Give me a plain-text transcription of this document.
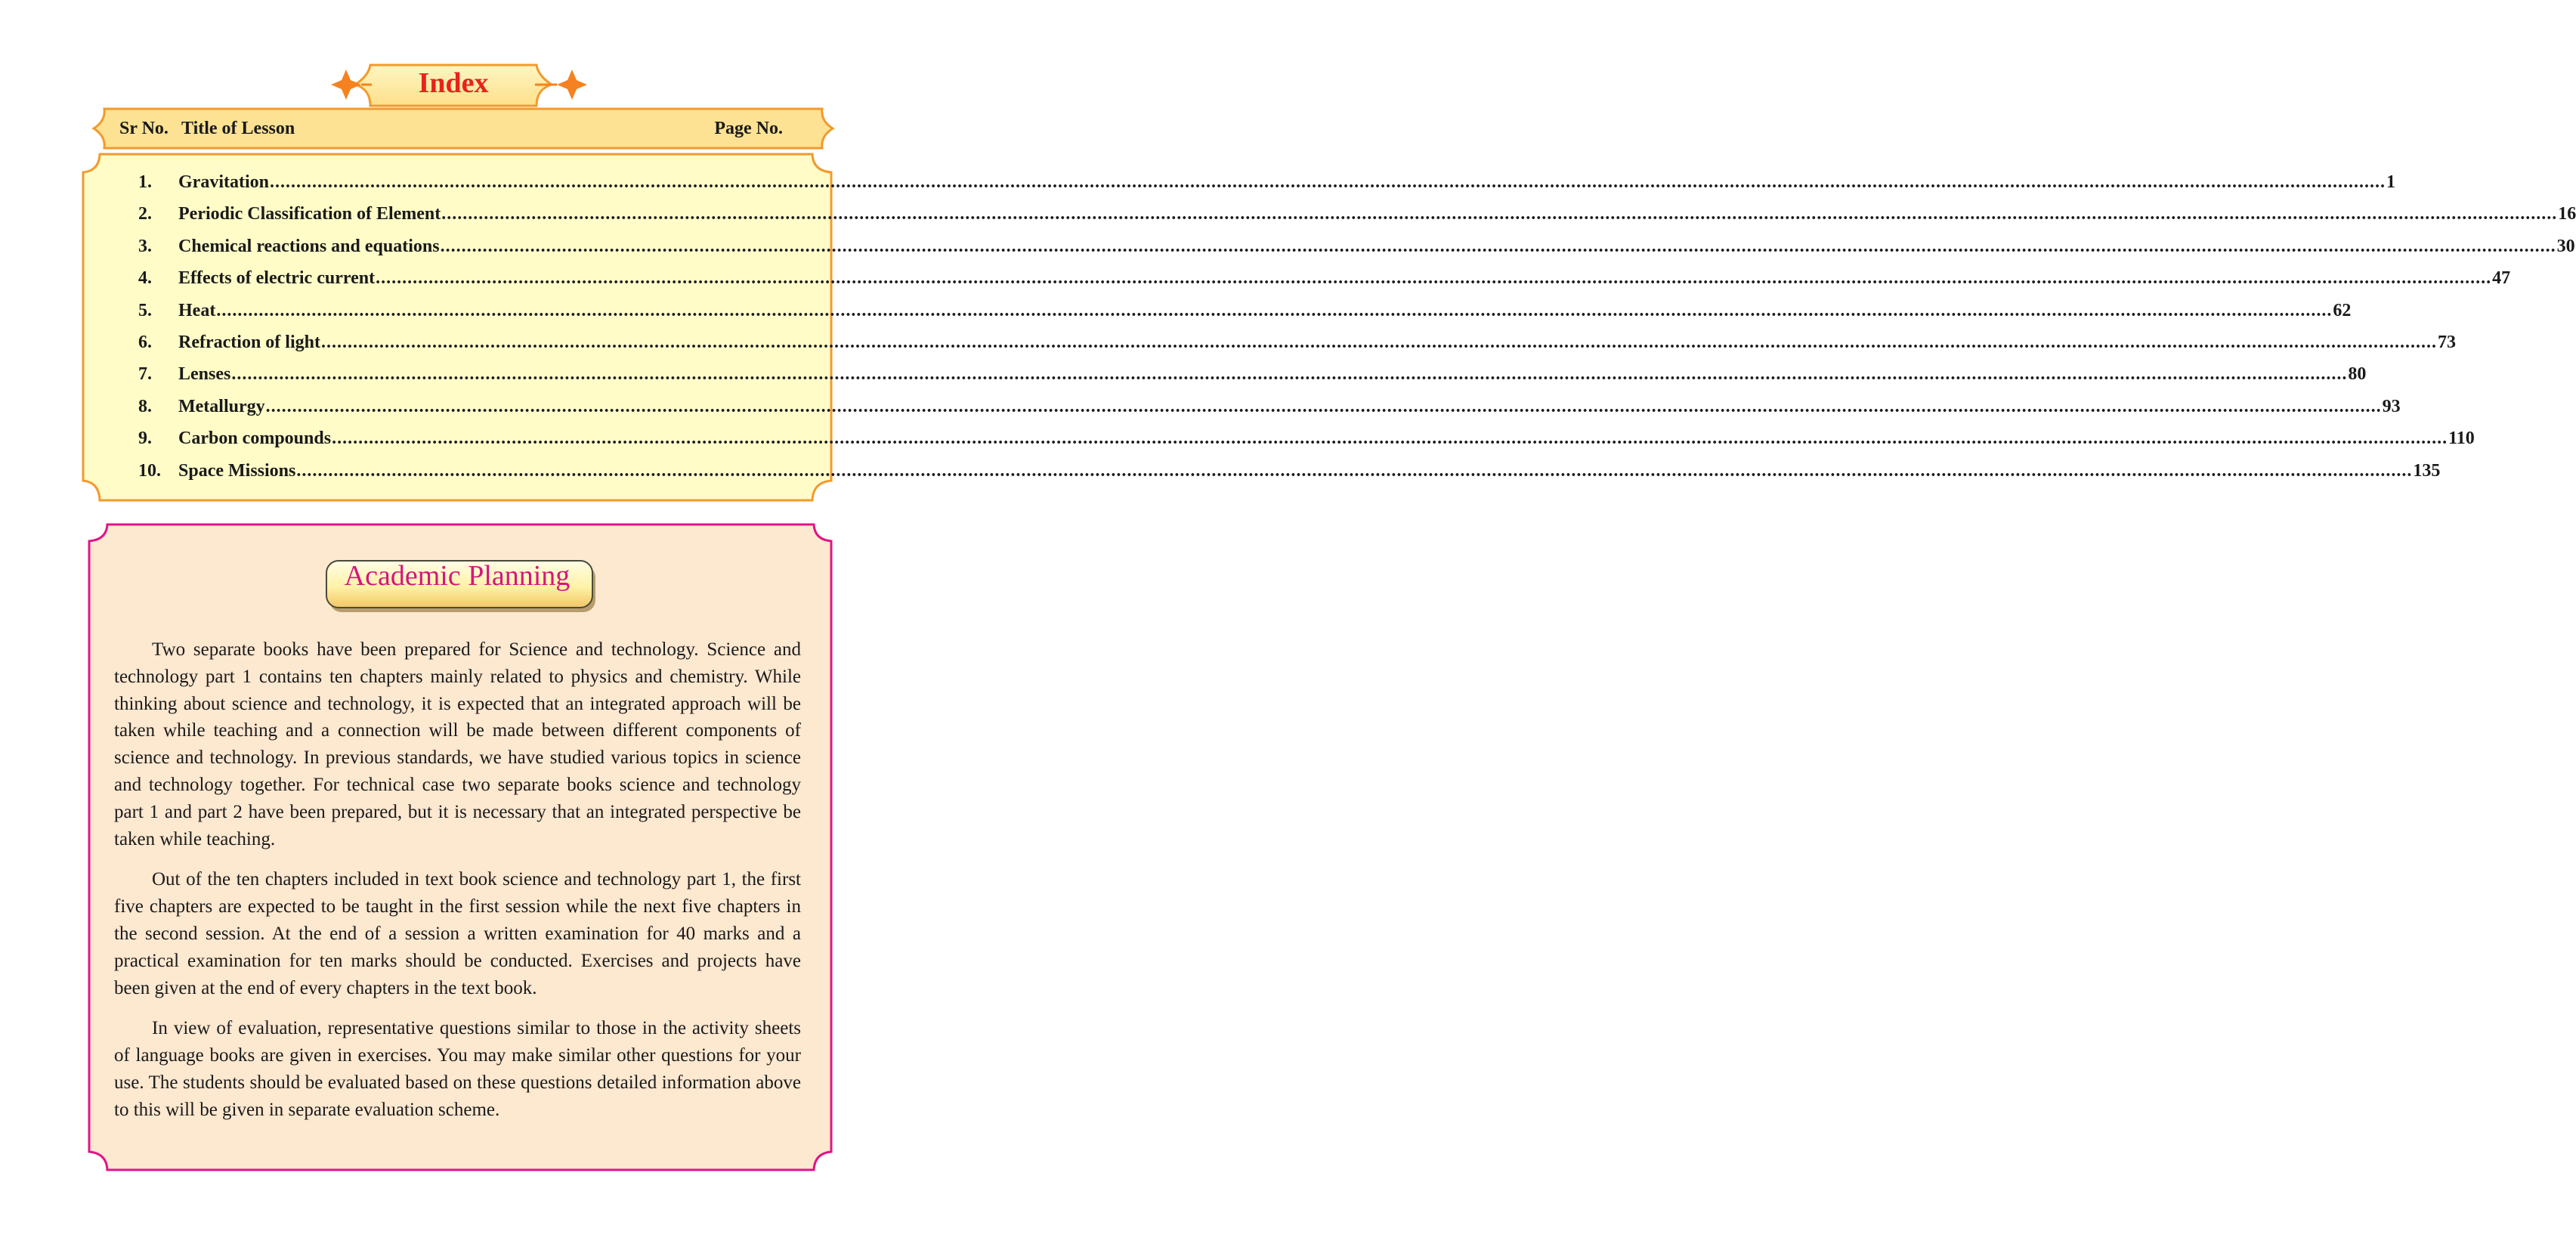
Index
Sr No. Title of Lesson	Page No.
1.	Gravitation ................................................................................................................................................................................................................................................................................................................................................................................................................ 1
2.	Periodic Classification of Element ................................................................................................................................................................................................................................................................................................................................................................................................................ 16
3.	Chemical reactions and equations ................................................................................................................................................................................................................................................................................................................................................................................................................ 30
4.	Effects of electric current ................................................................................................................................................................................................................................................................................................................................................................................................................ 47
5.	Heat ................................................................................................................................................................................................................................................................................................................................................................................................................ 62
6.	Refraction of light ................................................................................................................................................................................................................................................................................................................................................................................................................ 73
7.	Lenses ................................................................................................................................................................................................................................................................................................................................................................................................................ 80
8.	Metallurgy ................................................................................................................................................................................................................................................................................................................................................................................................................ 93
9.	Carbon compounds ................................................................................................................................................................................................................................................................................................................................................................................................................ 110
10. Space Missions ................................................................................................................................................................................................................................................................................................................................................................................................................ 135
Academic Planning

Two separate books have been prepared for Science and technology. Science and technology part 1 contains ten chapters mainly related to physics and chemistry. While thinking about science and technology, it is expected that an integrated approach will be taken while teaching and a connection will be made between different components of science and technology. In previous standards, we have studied various topics in science and technology together. For technical case two separate books science and technology part 1 and part 2 have been prepared, but it is necessary that an integrated perspective be taken while teaching.

Out of the ten chapters included in text book science and technology part 1, the first five chapters are expected to be taught in the first session while the next five chapters in the second session. At the end of a session a written examination for 40 marks and a practical examination for ten marks should be conducted. Exercises and projects have been given at the end of every chapters in the text book.

In view of evaluation, representative questions similar to those in the activity sheets of language books are given in exercises. You may make similar other questions for your use. The students should be evaluated based on these questions detailed information above to this will be given in separate evaluation scheme.
